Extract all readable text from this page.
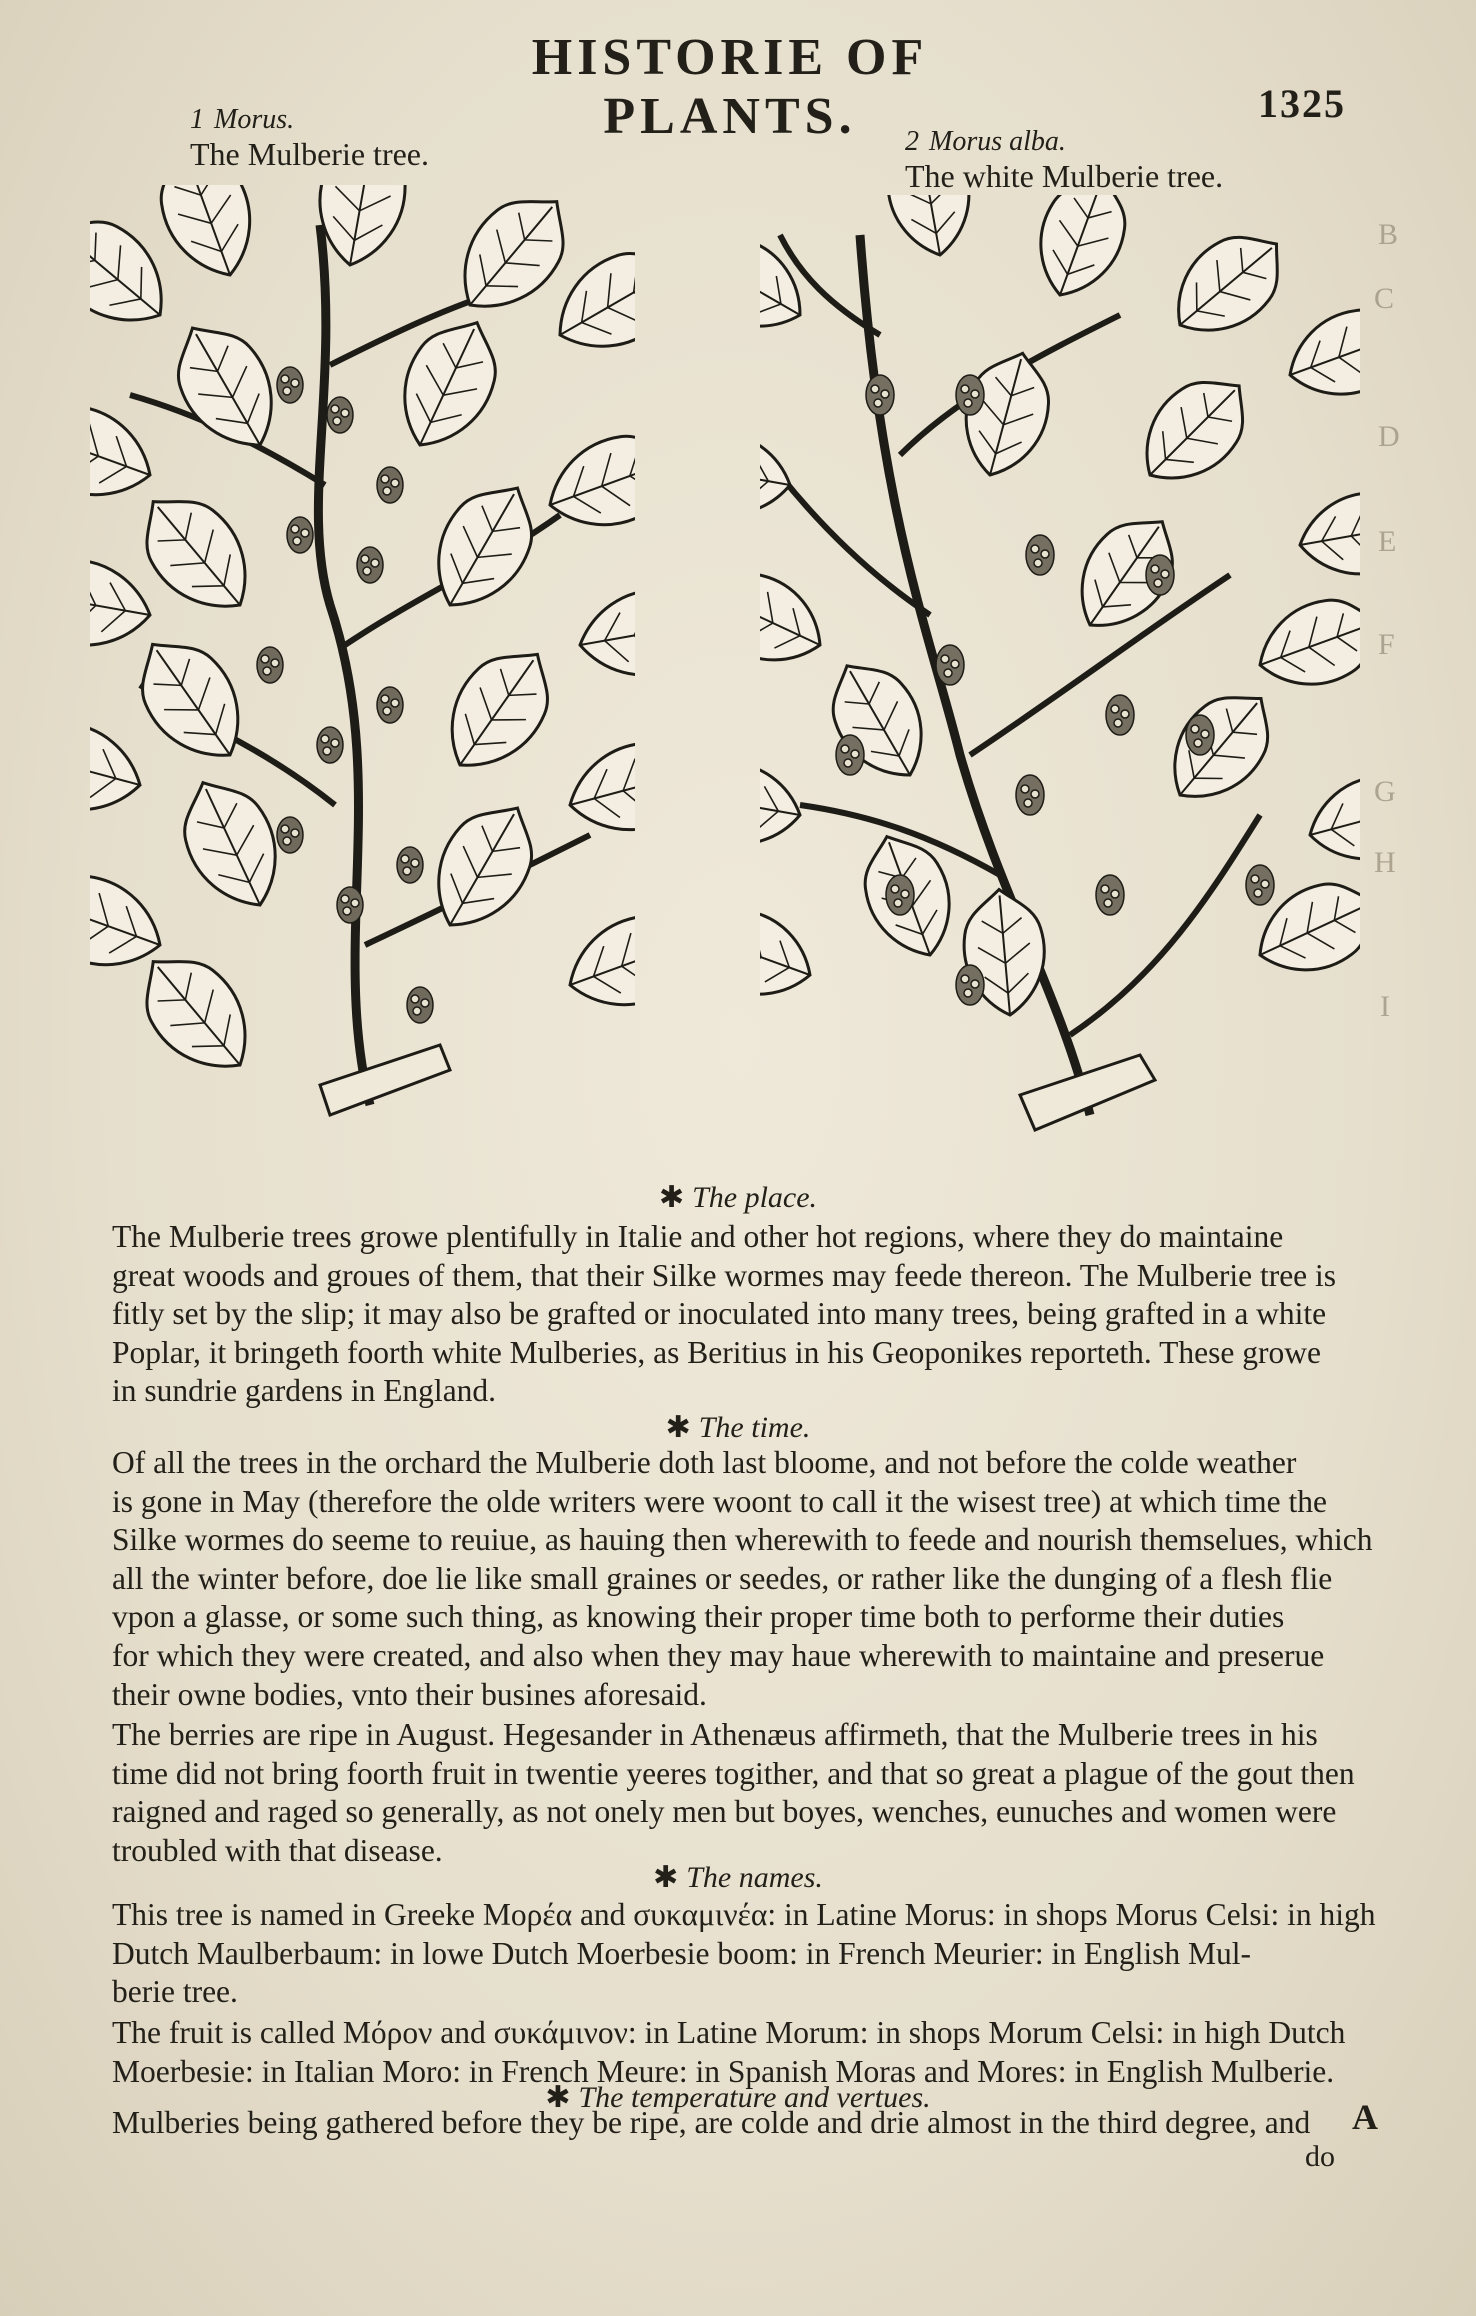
B
C
D
E
F
G
H
I
HISTORIE OF PLANTS.	1325
1 Morus.
The Mulberie tree.	2 Morus alba.
The white Mulberie tree.
✱ The place.
The Mulberie trees growe plentifully in Italie and other hot regions, where they do maintaine
great woods and groues of them, that their Silke wormes may feede thereon. The Mulberie tree is
fitly set by the slip; it may also be grafted or inoculated into many trees, being grafted in a white
Poplar, it bringeth foorth white Mulberies, as Beritius in his Geoponikes reporteth. These growe
in sundrie gardens in England.
✱ The time.
Of all the trees in the orchard the Mulberie doth last bloome, and not before the colde weather
is gone in May (therefore the olde writers were woont to call it the wisest tree) at which time the
Silke wormes do seeme to reuiue, as hauing then wherewith to feede and nourish themselues, which
all the winter before, doe lie like small graines or seedes, or rather like the dunging of a flesh flie
vpon a glasse, or some such thing, as knowing their proper time both to performe their duties
for which they were created, and also when they may haue wherewith to maintaine and preserue
their owne bodies, vnto their busines aforesaid.
The berries are ripe in August. Hegesander in Athenæus affirmeth, that the Mulberie trees in his
time did not bring foorth fruit in twentie yeeres togither, and that so great a plague of the gout then
raigned and raged so generally, as not onely men but boyes, wenches, eunuches and women were
troubled with that disease.
✱ The names.
This tree is named in Greeke Μορέα and συκαμινέα: in Latine Morus: in shops Morus Celsi: in high
Dutch Maulberbaum: in lowe Dutch Moerbesie boom: in French Meurier: in English Mul-
berie tree.
The fruit is called Μόρον and συκάμινον: in Latine Morum: in shops Morum Celsi: in high Dutch
Moerbesie: in Italian Moro: in French Meure: in Spanish Moras and Mores: in English Mulberie.
✱ The temperature and vertues.
Mulberies being gathered before they be ripe, are colde and drie almost in the third degree, and	A
do
